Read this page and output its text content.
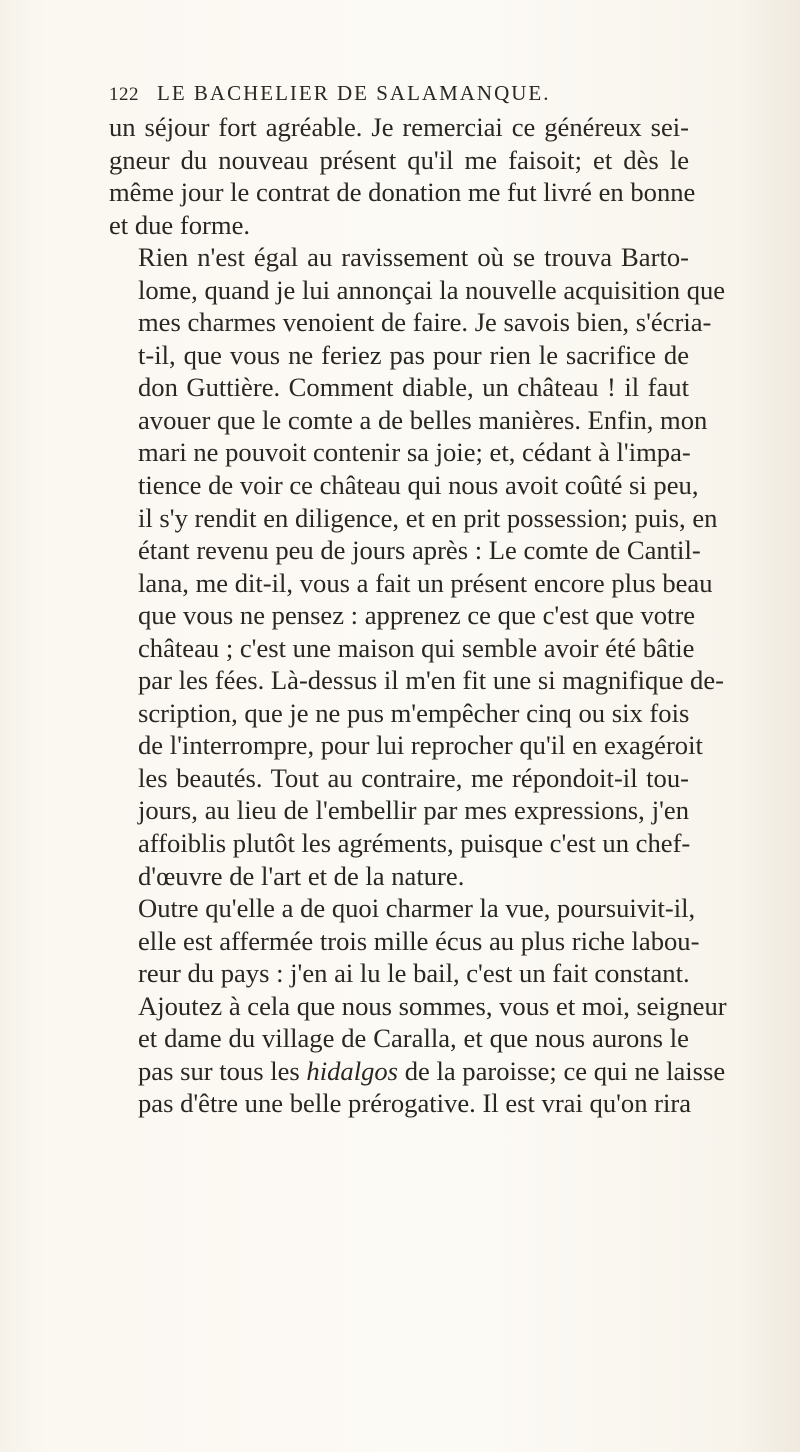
122 LE BACHELIER DE SALAMANQUE.

un séjour fort agréable. Je remerciai ce généreux sei-
gneur du nouveau présent qu'il me faisoit; et dès le
même jour le contrat de donation me fut livré en bonne
et due forme.

Rien n'est égal au ravissement où se trouva Barto-
lome, quand je lui annonçai la nouvelle acquisition que
mes charmes venoient de faire. Je savois bien, s'écria-
t-il, que vous ne feriez pas pour rien le sacrifice de
don Guttière. Comment diable, un château ! il faut
avouer que le comte a de belles manières. Enfin, mon
mari ne pouvoit contenir sa joie; et, cédant à l'impa-
tience de voir ce château qui nous avoit coûté si peu,
il s'y rendit en diligence, et en prit possession; puis, en
étant revenu peu de jours après : Le comte de Cantil-
lana, me dit-il, vous a fait un présent encore plus beau
que vous ne pensez : apprenez ce que c'est que votre
château ; c'est une maison qui semble avoir été bâtie
par les fées. Là-dessus il m'en fit une si magnifique de-
scription, que je ne pus m'empêcher cinq ou six fois
de l'interrompre, pour lui reprocher qu'il en exagéroit
les beautés. Tout au contraire, me répondoit-il tou-
jours, au lieu de l'embellir par mes expressions, j'en
affoiblis plutôt les agréments, puisque c'est un chef-
d'œuvre de l'art et de la nature.

Outre qu'elle a de quoi charmer la vue, poursuivit-il,
elle est affermée trois mille écus au plus riche labou-
reur du pays : j'en ai lu le bail, c'est un fait constant.
Ajoutez à cela que nous sommes, vous et moi, seigneur
et dame du village de Caralla, et que nous aurons le
pas sur tous les hidalgos de la paroisse; ce qui ne laisse
pas d'être une belle prérogative. Il est vrai qu'on rira
